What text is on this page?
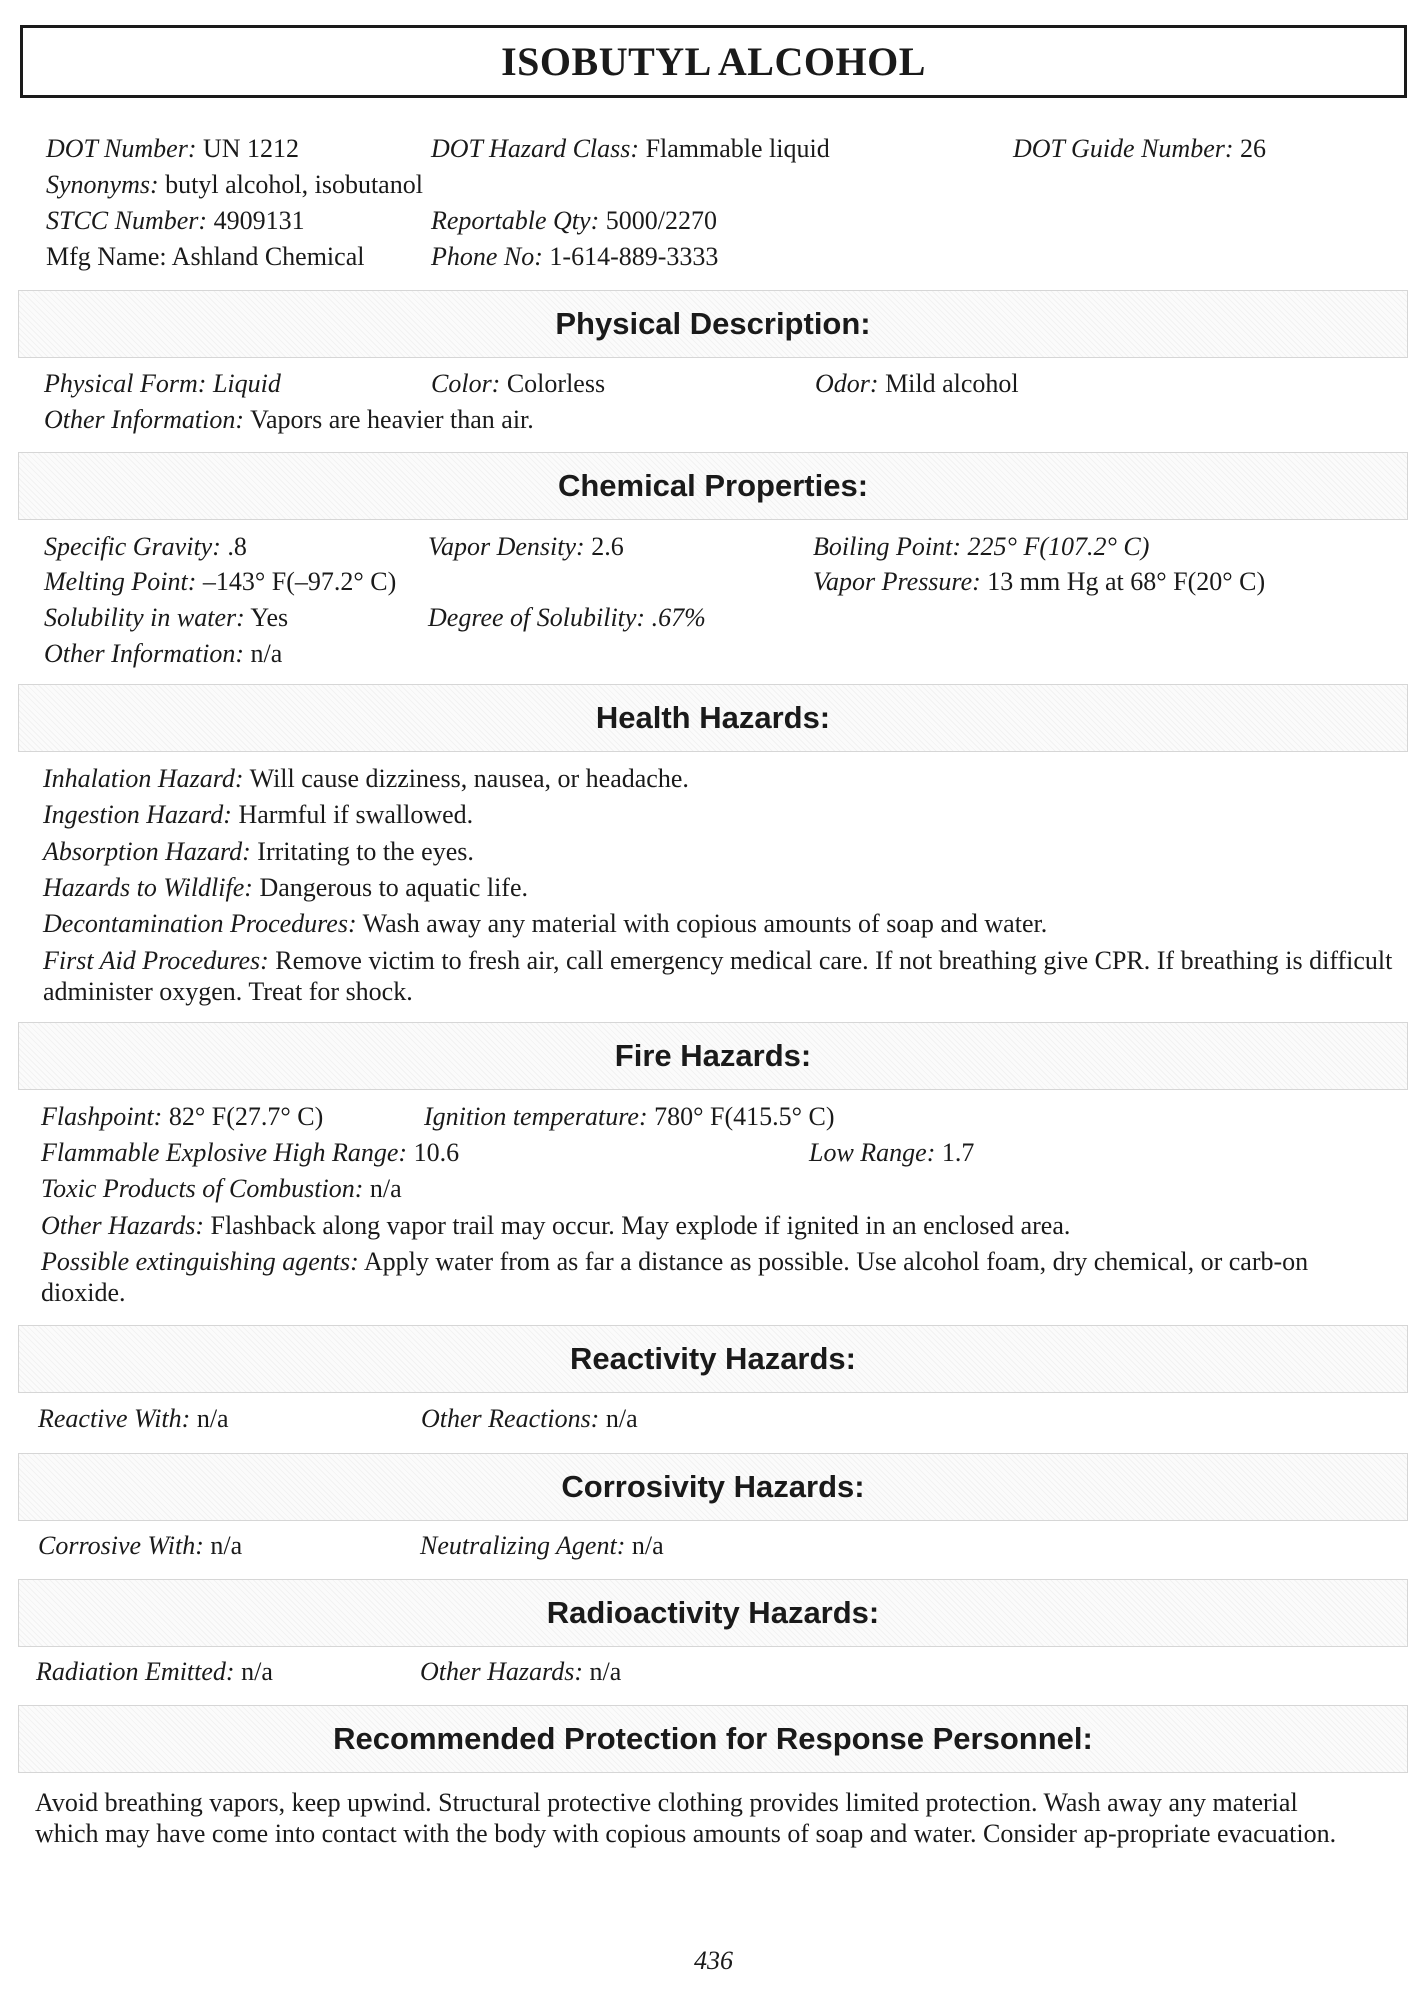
ISOBUTYL ALCOHOL
DOT Number: UN 1212	DOT Hazard Class: Flammable liquid	DOT Guide Number: 26
Synonyms: butyl alcohol, isobutanol
STCC Number: 4909131	Reportable Qty: 5000/2270
Mfg Name: Ashland Chemical	Phone No: 1-614-889-3333
Physical Description:
Physical Form: Liquid	Color: Colorless	Odor: Mild alcohol
Other Information: Vapors are heavier than air.
Chemical Properties:
Specific Gravity: .8	Vapor Density: 2.6	Boiling Point: 225° F(107.2° C)
Melting Point: –143° F(–97.2° C)	Vapor Pressure: 13 mm Hg at 68° F(20° C)
Solubility in water: Yes	Degree of Solubility: .67%
Other Information: n/a
Health Hazards:
Inhalation Hazard: Will cause dizziness, nausea, or headache.
Ingestion Hazard: Harmful if swallowed.
Absorption Hazard: Irritating to the eyes.
Hazards to Wildlife: Dangerous to aquatic life.
Decontamination Procedures: Wash away any material with copious amounts of soap and water.
First Aid Procedures: Remove victim to fresh air, call emergency medical care. If not breathing give CPR. If breathing is difficult administer oxygen. Treat for shock.
Fire Hazards:
Flashpoint: 82° F(27.7° C)	Ignition temperature: 780° F(415.5° C)
Flammable Explosive High Range: 10.6	Low Range: 1.7
Toxic Products of Combustion: n/a
Other Hazards: Flashback along vapor trail may occur. May explode if ignited in an enclosed area.
Possible extinguishing agents: Apply water from as far a distance as possible. Use alcohol foam, dry chemical, or carb-on dioxide.
Reactivity Hazards:
Reactive With: n/a	Other Reactions: n/a
Corrosivity Hazards:
Corrosive With: n/a	Neutralizing Agent: n/a
Radioactivity Hazards:
Radiation Emitted: n/a	Other Hazards: n/a
Recommended Protection for Response Personnel:
Avoid breathing vapors, keep upwind. Structural protective clothing provides limited protection. Wash away any material which may have come into contact with the body with copious amounts of soap and water. Consider ap-propriate evacuation.
436
